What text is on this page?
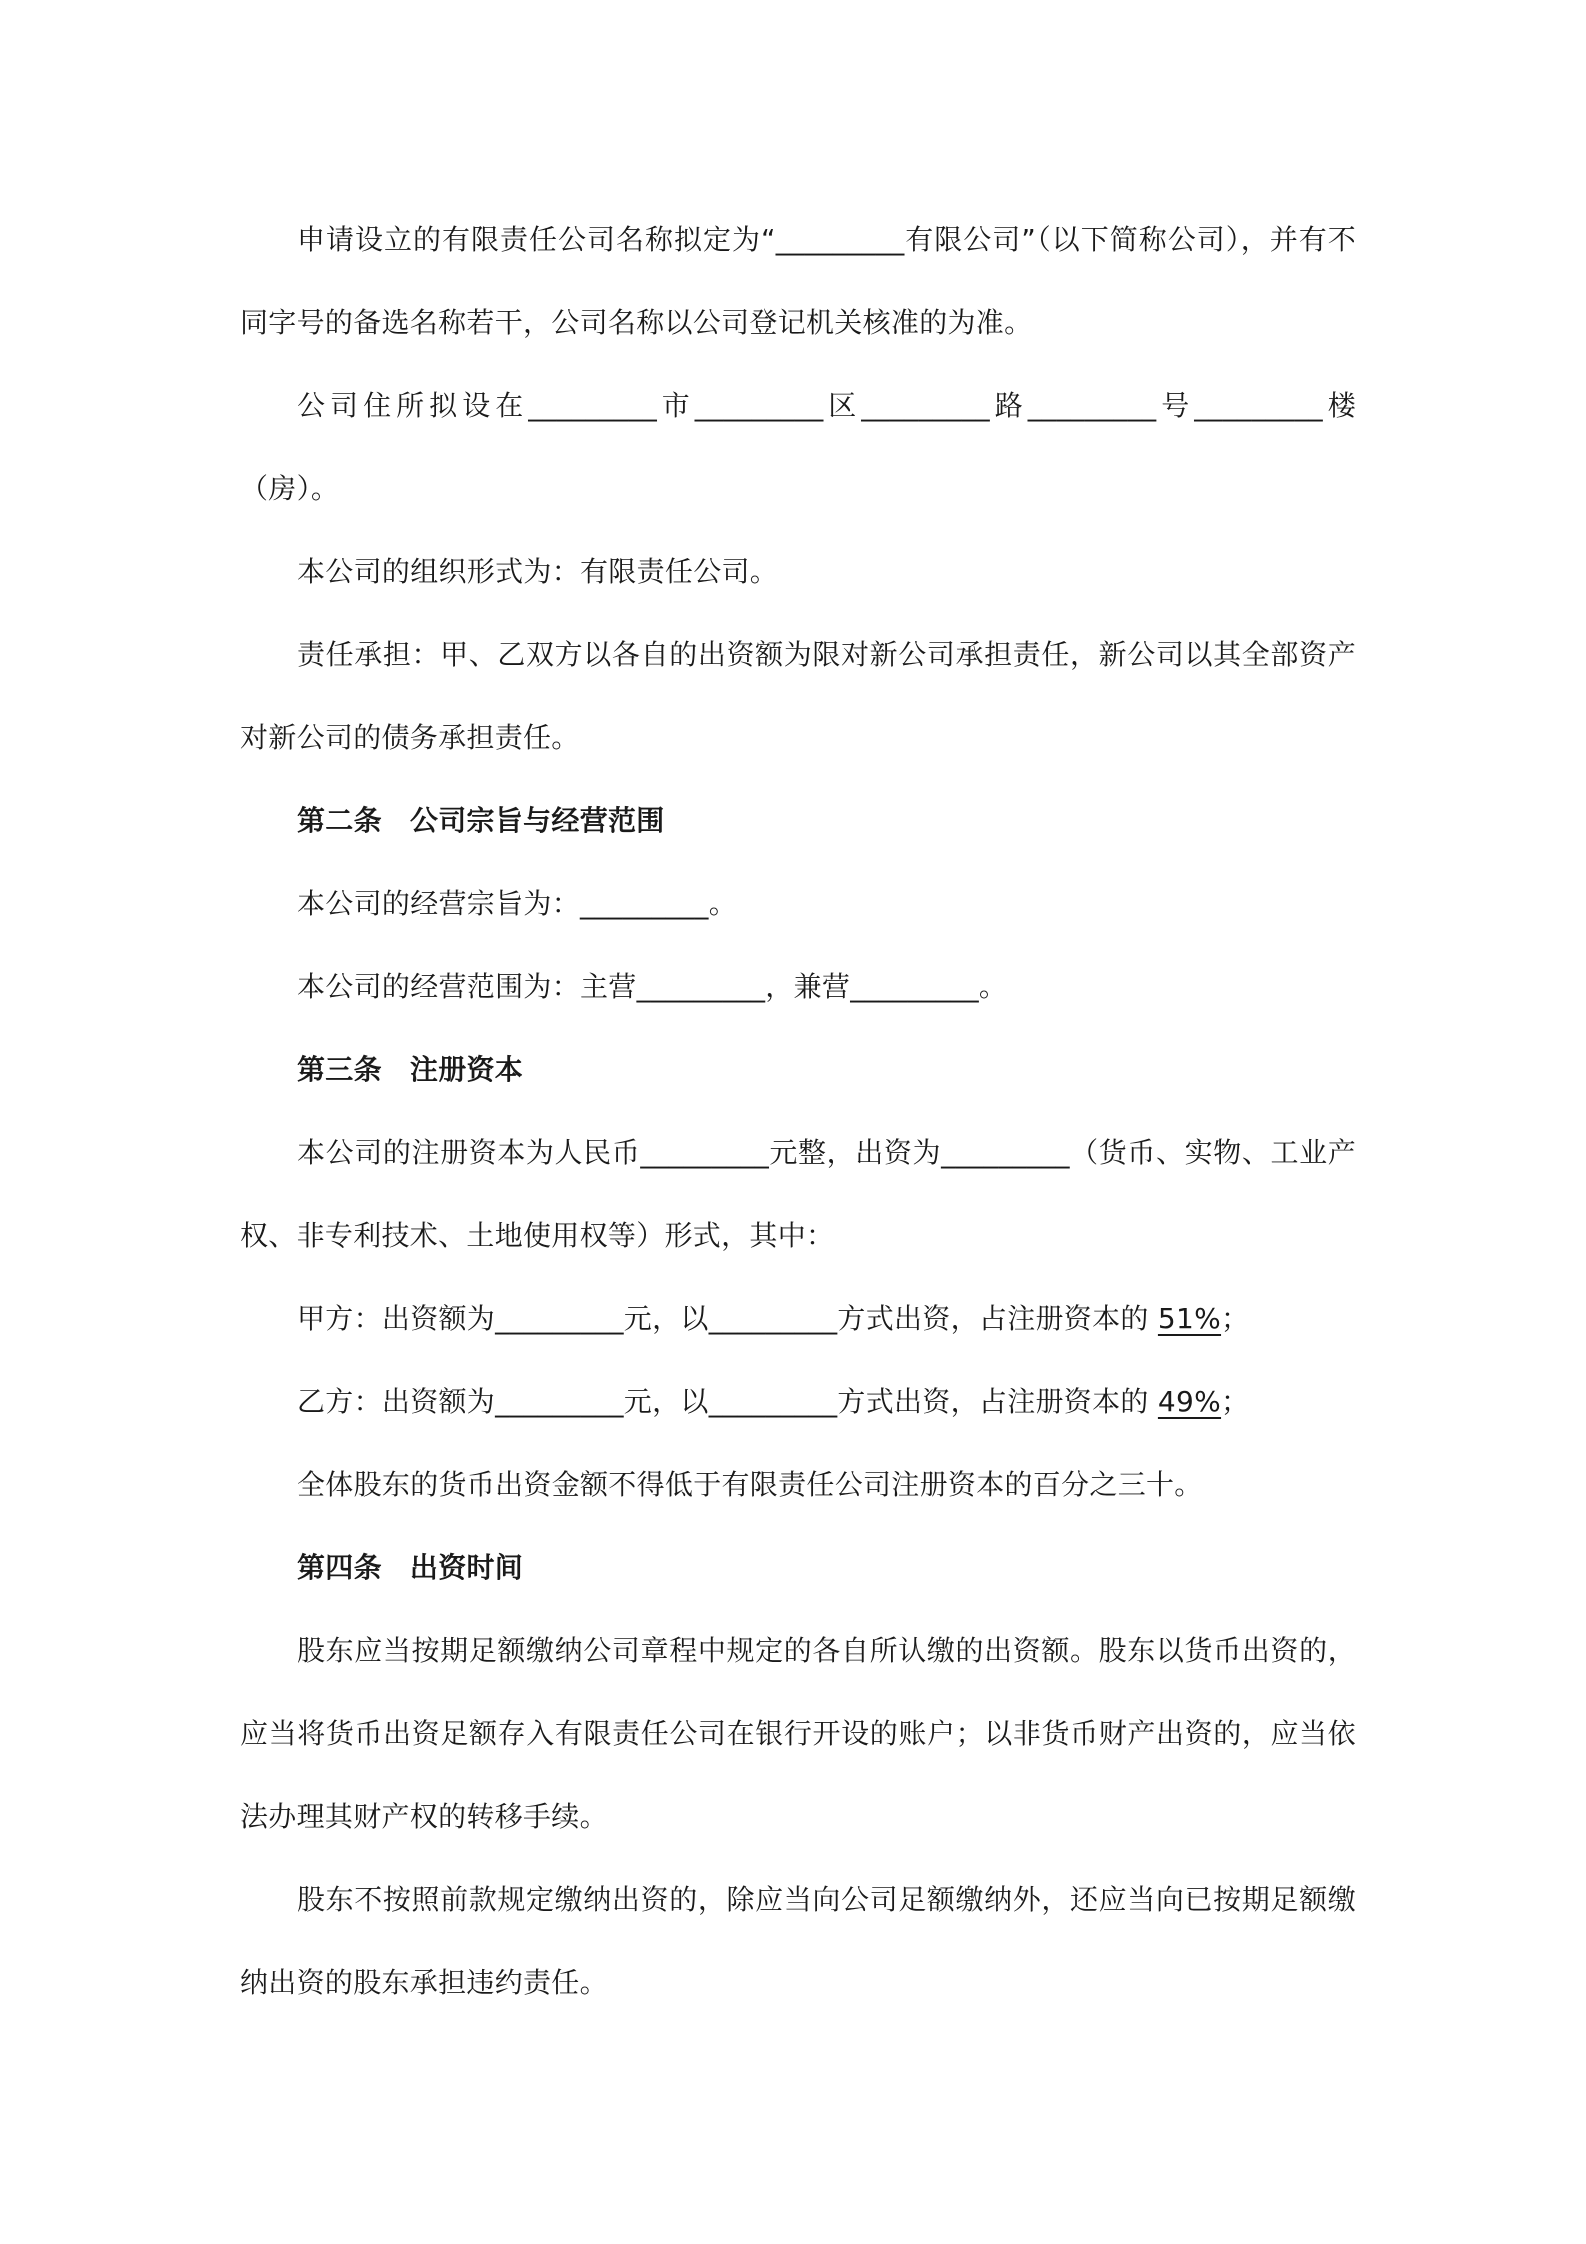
申请设立的有限责任公司名称拟定为“_________有限公司”（以下简称公司），并有不同字号的备选名称若干，公司名称以公司登记机关核准的为准。

公司住所拟设在_________市_________区_________路_________号_________楼（房）。

本公司的组织形式为：有限责任公司。

责任承担：甲、乙双方以各自的出资额为限对新公司承担责任，新公司以其全部资产对新公司的债务承担责任。

第二条 公司宗旨与经营范围

本公司的经营宗旨为：_________。

本公司的经营范围为：主营_________，兼营_________。

第三条 注册资本

本公司的注册资本为人民币_________元整，出资为_________（货币、实物、工业产权、非专利技术、土地使用权等）形式，其中：

甲方：出资额为_________元，以_________方式出资，占注册资本的 51%；

乙方：出资额为_________元，以_________方式出资，占注册资本的 49%；

全体股东的货币出资金额不得低于有限责任公司注册资本的百分之三十。

第四条 出资时间

股东应当按期足额缴纳公司章程中规定的各自所认缴的出资额。股东以货币出资的，应当将货币出资足额存入有限责任公司在银行开设的账户；以非货币财产出资的，应当依法办理其财产权的转移手续。

股东不按照前款规定缴纳出资的，除应当向公司足额缴纳外，还应当向已按期足额缴纳出资的股东承担违约责任。
